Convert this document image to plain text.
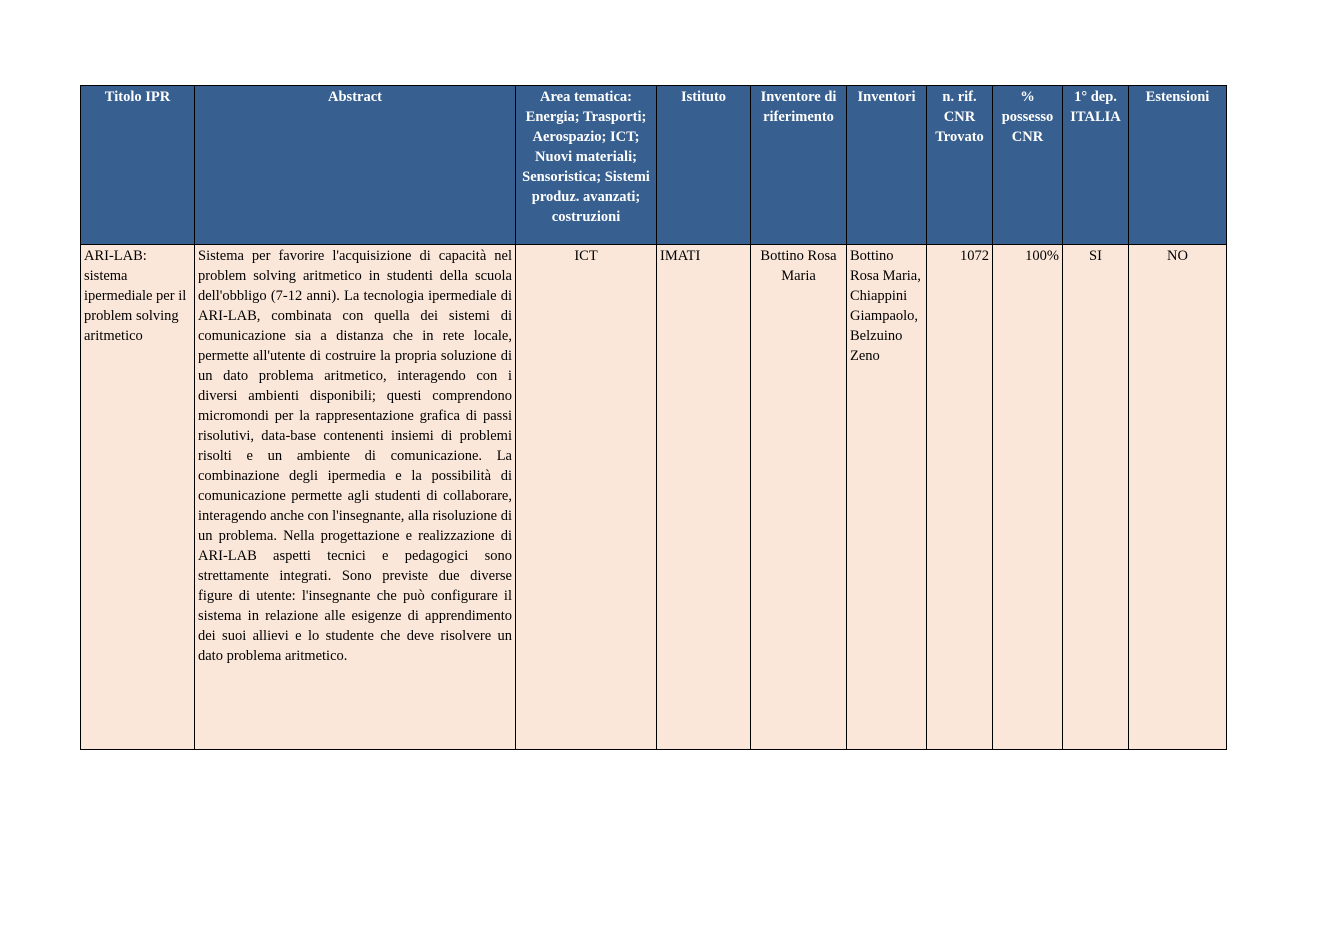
Titolo IPR	Abstract	Area tematica: Energia; Trasporti; Aerospazio; ICT; Nuovi materiali; Sensoristica; Sistemi produz. avanzati; costruzioni	Istituto	Inventore di riferimento	Inventori	n. rif. CNR Trovato	% possesso CNR	1° dep. ITALIA	Estensioni
ARI-LAB: sistema ipermediale per il problem solving aritmetico	Sistema per favorire l'acquisizione di capacità nel problem solving aritmetico in studenti della scuola dell'obbligo (7-12 anni). La tecnologia ipermediale di ARI-LAB, combinata con quella dei sistemi di comunicazione sia a distanza che in rete locale, permette all'utente di costruire la propria soluzione di un dato problema aritmetico, interagendo con i diversi ambienti disponibili; questi comprendono micromondi per la rappresentazione grafica di passi risolutivi, data-base contenenti insiemi di problemi risolti e un ambiente di comunicazione. La combinazione degli ipermedia e la possibilità di comunicazione permette agli studenti di collaborare, interagendo anche con l'insegnante, alla risoluzione di un problema. Nella progettazione e realizzazione di ARI-LAB aspetti tecnici e pedagogici sono strettamente integrati. Sono previste due diverse figure di utente: l'insegnante che può configurare il sistema in relazione alle esigenze di apprendimento dei suoi allievi e lo studente che deve risolvere un dato problema aritmetico.	ICT	IMATI	Bottino Rosa Maria	Bottino Rosa Maria, Chiappini Giampaolo, Belzuino Zeno	1072	100%	SI	NO
